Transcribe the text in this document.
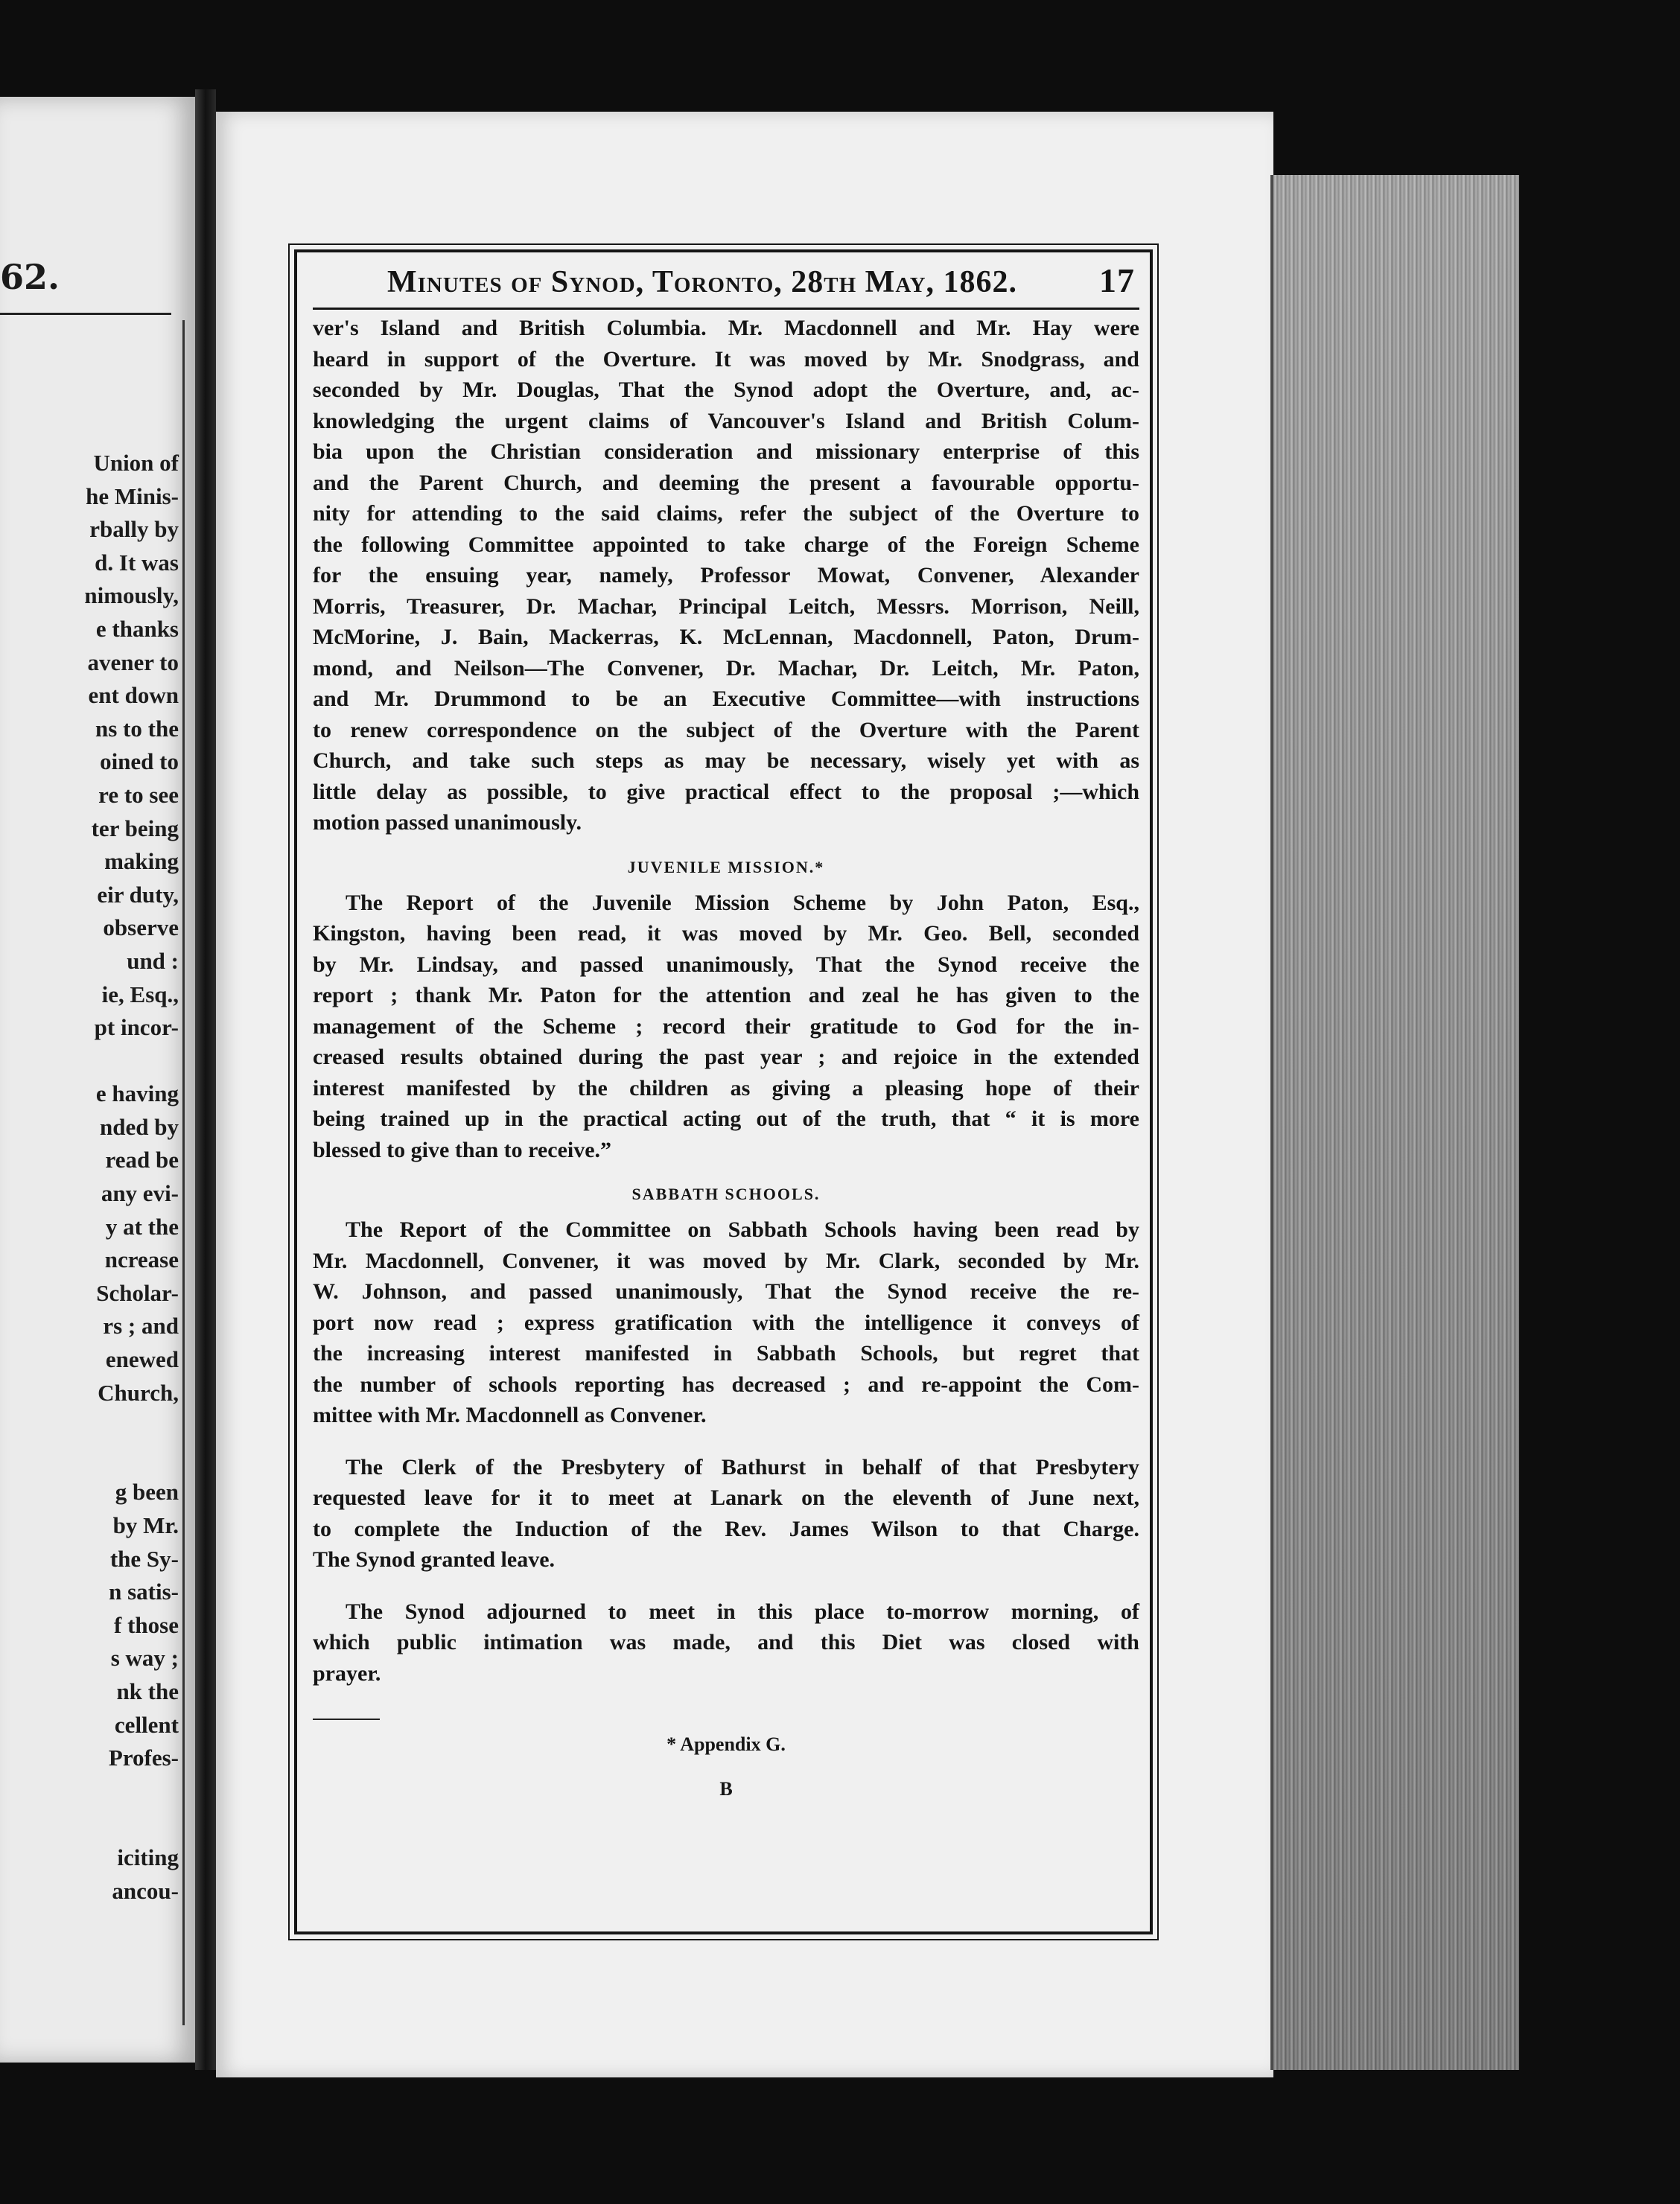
62.
Union of
he Minis-
rbally by
d. It was
nimously,
e thanks
avener to
ent down
ns to the
oined to
re to see
ter being
making
eir duty,
observe
und :
ie, Esq.,
pt incor-

e having
nded by
read be
any evi-
y at the
ncrease
Scholar-
rs ; and
enewed
Church,

g been
by Mr.
the Sy-
n satis-
f those
s way ;
nk the
cellent
Profes-

iciting
ancou-
Minutes of Synod, Toronto, 28th May, 1862. 17
ver's Island and British Columbia. Mr. Macdonnell and Mr. Hay were
heard in support of the Overture. It was moved by Mr. Snodgrass, and
seconded by Mr. Douglas, That the Synod adopt the Overture, and, ac-
knowledging the urgent claims of Vancouver's Island and British Colum-
bia upon the Christian consideration and missionary enterprise of this
and the Parent Church, and deeming the present a favourable opportu-
nity for attending to the said claims, refer the subject of the Overture to
the following Committee appointed to take charge of the Foreign Scheme
for the ensuing year, namely, Professor Mowat, Convener, Alexander
Morris, Treasurer, Dr. Machar, Principal Leitch, Messrs. Morrison, Neill,
McMorine, J. Bain, Mackerras, K. McLennan, Macdonnell, Paton, Drum-
mond, and Neilson—The Convener, Dr. Machar, Dr. Leitch, Mr. Paton,
and Mr. Drummond to be an Executive Committee—with instructions
to renew correspondence on the subject of the Overture with the Parent
Church, and take such steps as may be necessary, wisely yet with as
little delay as possible, to give practical effect to the proposal ;—which
motion passed unanimously.
JUVENILE MISSION.*
The Report of the Juvenile Mission Scheme by John Paton, Esq.,
Kingston, having been read, it was moved by Mr. Geo. Bell, seconded
by Mr. Lindsay, and passed unanimously, That the Synod receive the
report ; thank Mr. Paton for the attention and zeal he has given to the
management of the Scheme ; record their gratitude to God for the in-
creased results obtained during the past year ; and rejoice in the extended
interest manifested by the children as giving a pleasing hope of their
being trained up in the practical acting out of the truth, that “ it is more
blessed to give than to receive.”
SABBATH SCHOOLS.
The Report of the Committee on Sabbath Schools having been read by
Mr. Macdonnell, Convener, it was moved by Mr. Clark, seconded by Mr.
W. Johnson, and passed unanimously, That the Synod receive the re-
port now read ; express gratification with the intelligence it conveys of
the increasing interest manifested in Sabbath Schools, but regret that
the number of schools reporting has decreased ; and re-appoint the Com-
mittee with Mr. Macdonnell as Convener.
The Clerk of the Presbytery of Bathurst in behalf of that Presbytery
requested leave for it to meet at Lanark on the eleventh of June next,
to complete the Induction of the Rev. James Wilson to that Charge.
The Synod granted leave.
The Synod adjourned to meet in this place to-morrow morning, of
which public intimation was made, and this Diet was closed with
prayer.
* Appendix G.
B
